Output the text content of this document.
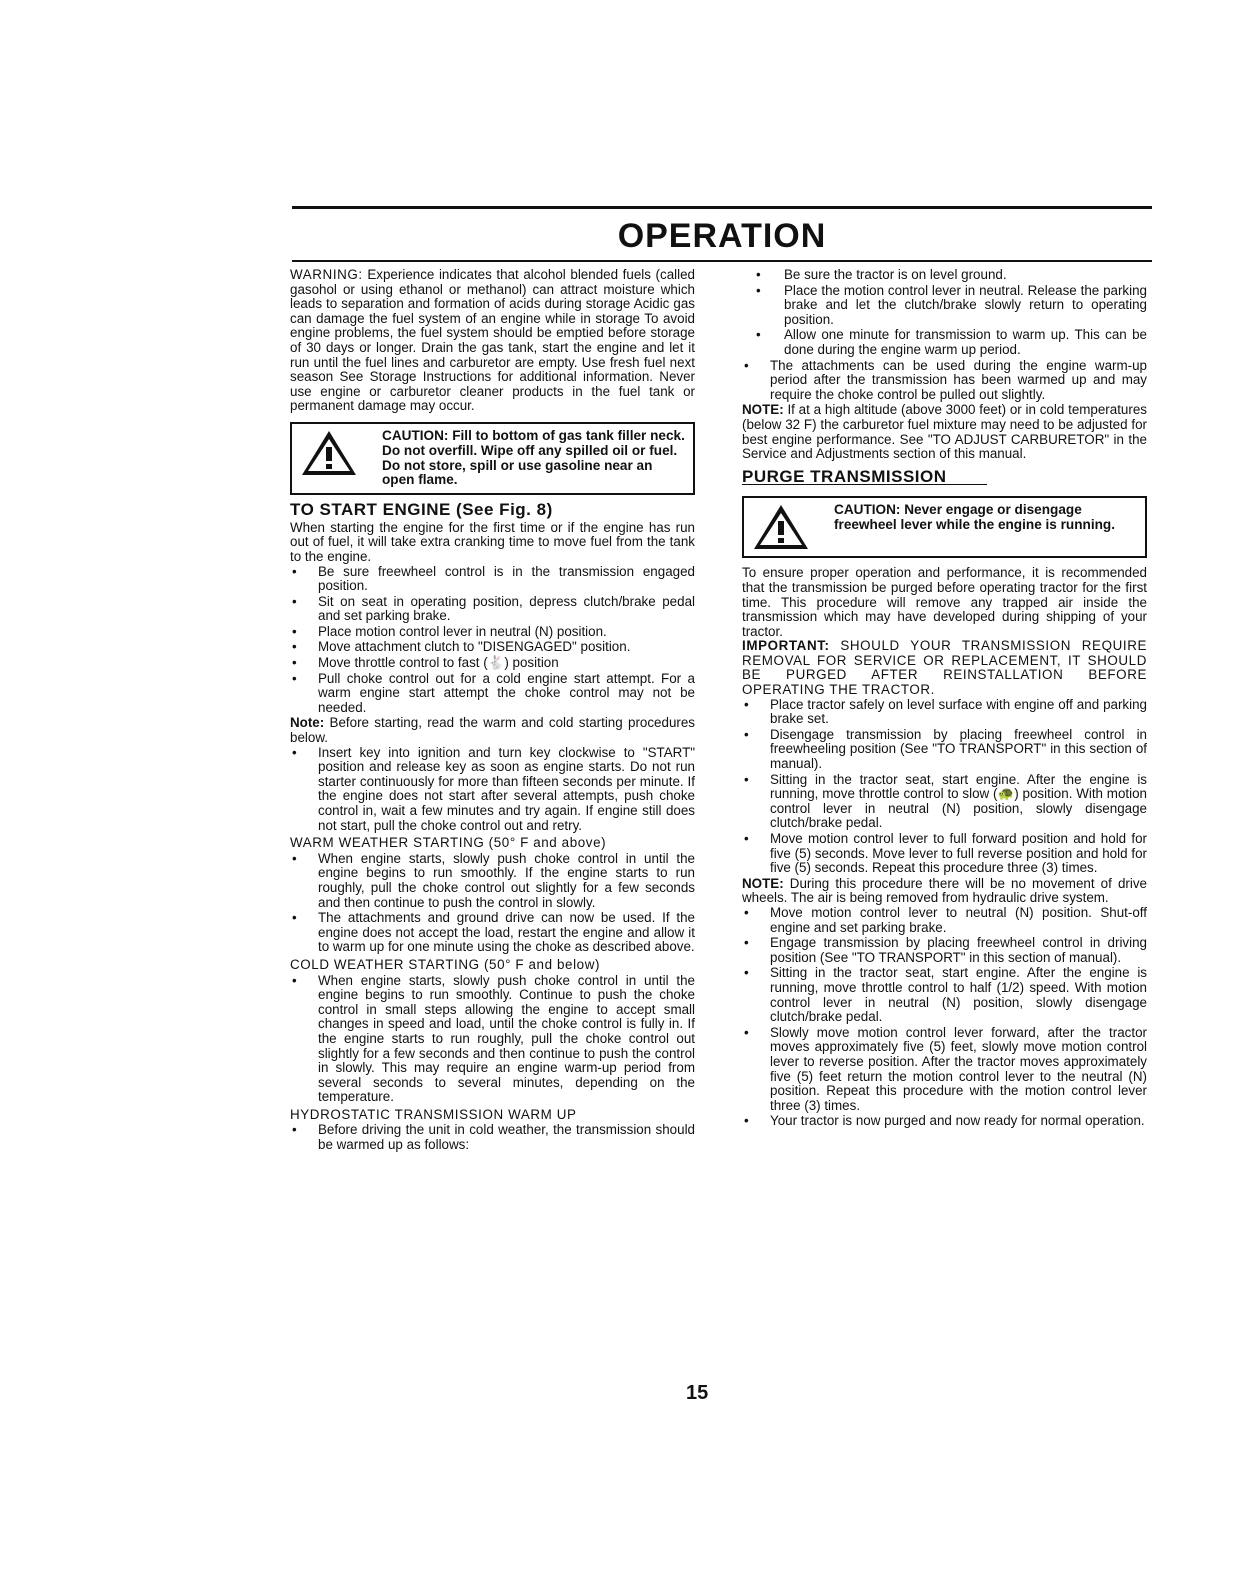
OPERATION

WARNING: Experience indicates that alcohol blended fuels (called gasohol or using ethanol or methanol) can attract moisture which leads to separation and formation of acids during storage Acidic gas can damage the fuel system of an engine while in storage To avoid engine problems, the fuel system should be emptied before storage of 30 days or longer. Drain the gas tank, start the engine and let it run until the fuel lines and carburetor are empty. Use fresh fuel next season See Storage Instructions for additional information. Never use engine or carburetor cleaner products in the fuel tank or permanent damage may occur.

CAUTION: Fill to bottom of gas tank filler neck. Do not overfill. Wipe off any spilled oil or fuel. Do not store, spill or use gasoline near an open flame.
TO START ENGINE (See Fig. 8)

When starting the engine for the first time or if the engine has run out of fuel, it will take extra cranking time to move fuel from the tank to the engine.

• Be sure freewheel control is in the transmission engaged position.
• Sit on seat in operating position, depress clutch/brake pedal and set parking brake.
• Place motion control lever in neutral (N) position.
• Move attachment clutch to "DISENGAGED" position.
• Move throttle control to fast (🐇) position
• Pull choke control out for a cold engine start attempt. For a warm engine start attempt the choke control may not be needed.

Note: Before starting, read the warm and cold starting procedures below.

• Insert key into ignition and turn key clockwise to "START" position and release key as soon as engine starts. Do not run starter continuously for more than fifteen seconds per minute. If the engine does not start after several attempts, push choke control in, wait a few minutes and try again. If engine still does not start, pull the choke control out and retry.
WARM WEATHER STARTING (50° F and above)
• When engine starts, slowly push choke control in until the engine begins to run smoothly. If the engine starts to run roughly, pull the choke control out slightly for a few seconds and then continue to push the control in slowly.
• The attachments and ground drive can now be used. If the engine does not accept the load, restart the engine and allow it to warm up for one minute using the choke as described above.
COLD WEATHER STARTING (50° F and below)
• When engine starts, slowly push choke control in until the engine begins to run smoothly. Continue to push the choke control in small steps allowing the engine to accept small changes in speed and load, until the choke control is fully in. If the engine starts to run roughly, pull the choke control out slightly for a few seconds and then continue to push the control in slowly. This may require an engine warm-up period from several seconds to several minutes, depending on the temperature.
HYDROSTATIC TRANSMISSION WARM UP
• Before driving the unit in cold weather, the transmission should be warmed up as follows:
• Be sure the tractor is on level ground.
• Place the motion control lever in neutral. Release the parking brake and let the clutch/brake slowly return to operating position.
• Allow one minute for transmission to warm up. This can be done during the engine warm up period.
• The attachments can be used during the engine warm-up period after the transmission has been warmed up and may require the choke control be pulled out slightly.

NOTE: If at a high altitude (above 3000 feet) or in cold temperatures (below 32 F) the carburetor fuel mixture may need to be adjusted for best engine performance. See "TO ADJUST CARBURETOR" in the Service and Adjustments section of this manual.

PURGE TRANSMISSION
CAUTION: Never engage or disengage freewheel lever while the engine is running.

To ensure proper operation and performance, it is recommended that the transmission be purged before operating tractor for the first time. This procedure will remove any trapped air inside the transmission which may have developed during shipping of your tractor.

IMPORTANT: SHOULD YOUR TRANSMISSION REQUIRE REMOVAL FOR SERVICE OR REPLACEMENT, IT SHOULD BE PURGED AFTER REINSTALLATION BEFORE OPERATING THE TRACTOR.

• Place tractor safely on level surface with engine off and parking brake set.
• Disengage transmission by placing freewheel control in freewheeling position (See "TO TRANSPORT" in this section of manual).
• Sitting in the tractor seat, start engine. After the engine is running, move throttle control to slow (🐢) position. With motion control lever in neutral (N) position, slowly disengage clutch/brake pedal.
• Move motion control lever to full forward position and hold for five (5) seconds. Move lever to full reverse position and hold for five (5) seconds. Repeat this procedure three (3) times.

NOTE: During this procedure there will be no movement of drive wheels. The air is being removed from hydraulic drive system.

• Move motion control lever to neutral (N) position. Shut-off engine and set parking brake.
• Engage transmission by placing freewheel control in driving position (See "TO TRANSPORT" in this section of manual).
• Sitting in the tractor seat, start engine. After the engine is running, move throttle control to half (1/2) speed. With motion control lever in neutral (N) position, slowly disengage clutch/brake pedal.
• Slowly move motion control lever forward, after the tractor moves approximately five (5) feet, slowly move motion control lever to reverse position. After the tractor moves approximately five (5) feet return the motion control lever to the neutral (N) position. Repeat this procedure with the motion control lever three (3) times.
• Your tractor is now purged and now ready for normal operation.
15
